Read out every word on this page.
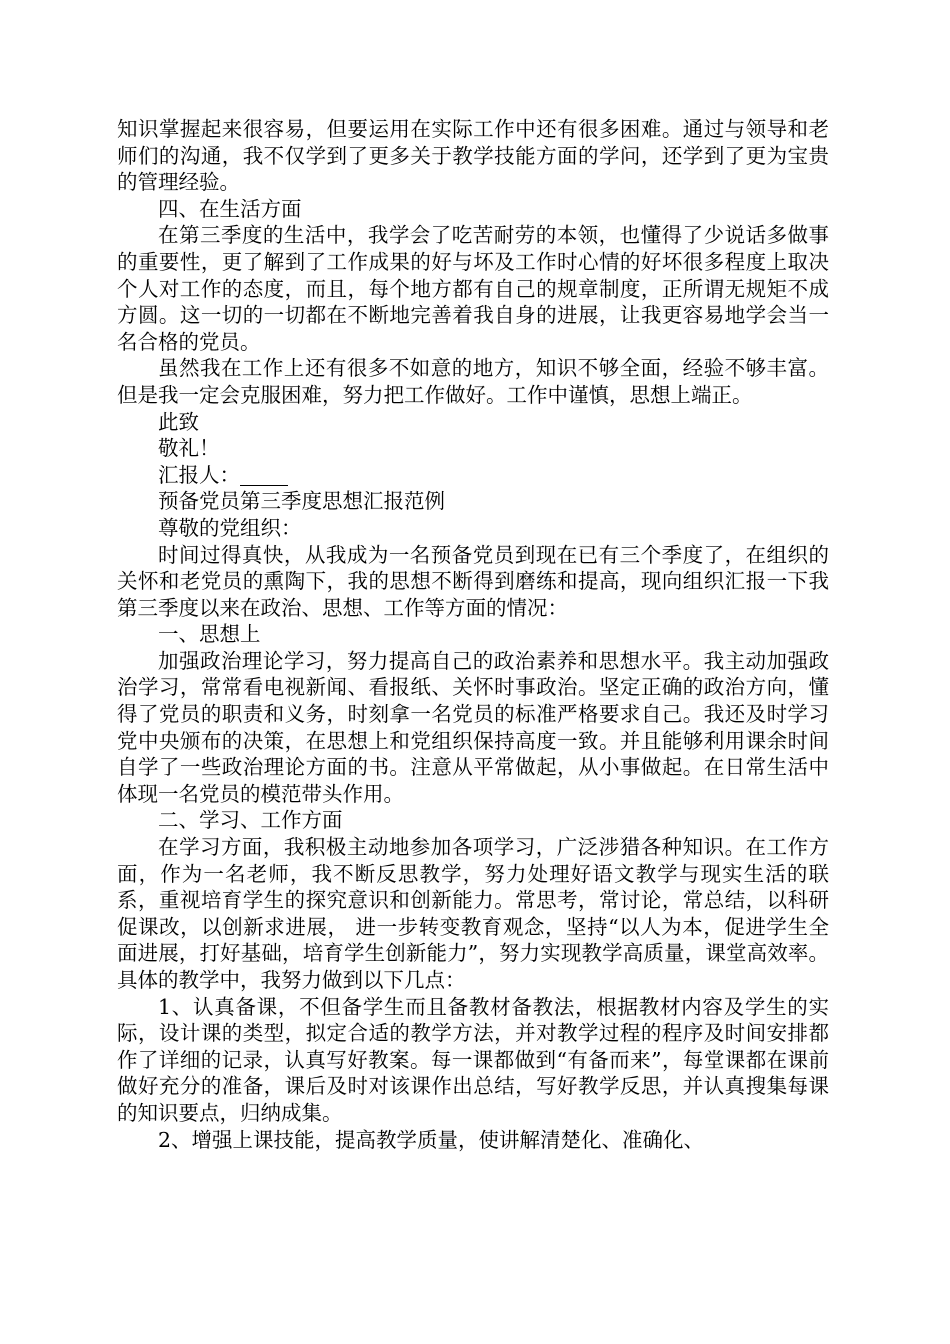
知识掌握起来很容易，但要运用在实际工作中还有很多困难。通过与领导和老师们的沟通，我不仅学到了更多关于教学技能方面的学问，还学到了更为宝贵的管理经验。

四、在生活方面

在第三季度的生活中，我学会了吃苦耐劳的本领，也懂得了少说话多做事的重要性，更了解到了工作成果的好与坏及工作时心情的好坏很多程度上取决个人对工作的态度，而且，每个地方都有自己的规章制度，正所谓无规矩不成方圆。这一切的一切都在不断地完善着我自身的进展，让我更容易地学会当一名合格的党员。

虽然我在工作上还有很多不如意的地方，知识不够全面，经验不够丰富。但是我一定会克服困难，努力把工作做好。工作中谨慎，思想上端正。

此致

敬礼！

汇报人：

预备党员第三季度思想汇报范例

尊敬的党组织：

时间过得真快，从我成为一名预备党员到现在已有三个季度了，在组织的关怀和老党员的熏陶下，我的思想不断得到磨练和提高，现向组织汇报一下我第三季度以来在政治、思想、工作等方面的情况：

一、思想上

加强政治理论学习，努力提高自己的政治素养和思想水平。我主动加强政治学习，常常看电视新闻、看报纸、关怀时事政治。坚定正确的政治方向，懂得了党员的职责和义务，时刻拿一名党员的标准严格要求自己。我还及时学习党中央颁布的决策，在思想上和党组织保持高度一致。并且能够利用课余时间自学了一些政治理论方面的书。注意从平常做起，从小事做起。在日常生活中体现一名党员的模范带头作用。

二、学习、工作方面

在学习方面，我积极主动地参加各项学习，广泛涉猎各种知识。在工作方面，作为一名老师，我不断反思教学，努力处理好语文教学与现实生活的联系，重视培育学生的探究意识和创新能力。常思考，常讨论，常总结，以科研促课改，以创新求进展， 进一步转变教育观念，坚持“以人为本，促进学生全面进展，打好基础，培育学生创新能力”，努力实现教学高质量，课堂高效率。具体的教学中，我努力做到以下几点：

1、认真备课，不但备学生而且备教材备教法，根据教材内容及学生的实际，设计课的类型，拟定合适的教学方法，并对教学过程的程序及时间安排都作了详细的记录，认真写好教案。每一课都做到“有备而来”，每堂课都在课前做好充分的准备，课后及时对该课作出总结，写好教学反思，并认真搜集每课的知识要点，归纳成集。

2、增强上课技能，提高教学质量，使讲解清楚化、准确化、
